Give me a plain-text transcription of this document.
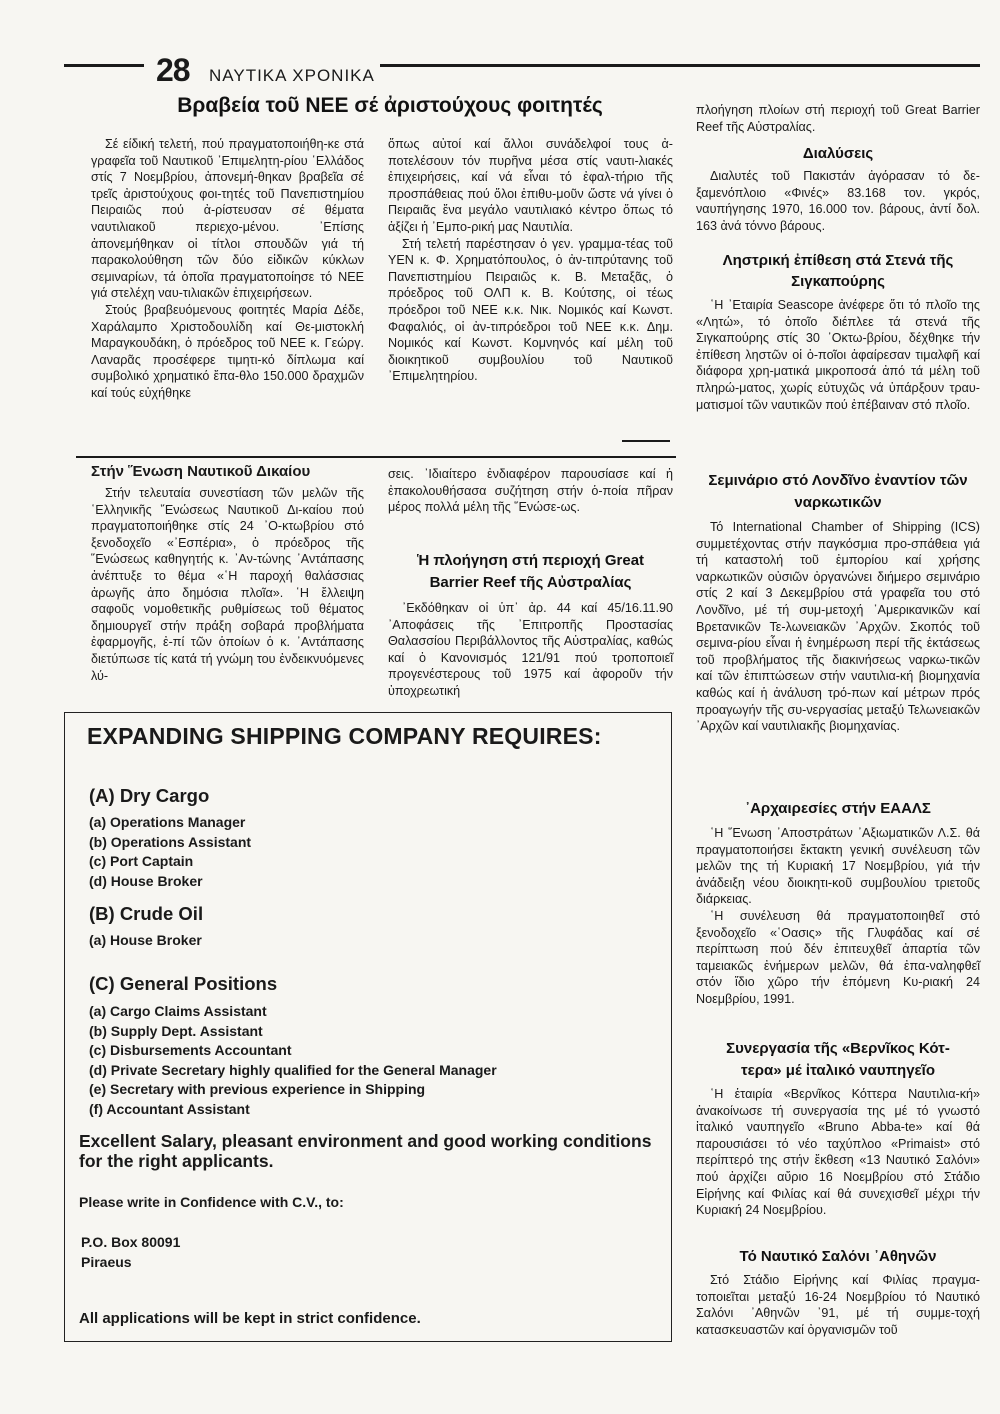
28 ΝΑΥΤΙΚΑ ΧΡΟΝΙΚΑ
Βραβεία τοῦ ΝΕΕ σέ ἀριστούχους φοιτητές

Σέ είδική τελετή, πού πραγματοποιήθη-κε στά γραφεῖα τοῦ Ναυτικοῦ ᾽Επιμελητη-ρίου ῾Ελλάδος στίς 7 Νοεμβρίου, ἀπονεμή-θηκαν βραβεῖα σέ τρεῖς ἀριστούχους φοι-τητές τοῦ Πανεπιστημίου Πειραιῶς πού ἀ-ρίστευσαν σέ θέματα ναυτιλιακοῦ περιεχο-μένου. ᾽Επίσης ἀπονεμήθηκαν οἱ τίτλοι σπουδῶν γιά τή παρακολούθηση τῶν δύο εἰδικῶν κύκλων σεμιναρίων, τά ὁποῖα πραγματοποίησε τό ΝΕΕ γιά στελέχη ναυ-τιλιακῶν ἐπιχειρήσεων.

Στούς βραβευόμενους φοιτητές Μαρία Δέδε, Χαράλαμπο Χριστοδουλίδη καί Θε-μιστοκλή Μαραγκουδάκη, ὁ πρόεδρος τοῦ ΝΕΕ κ. Γεώργ. Λαναρᾶς προσέφερε τιμητι-κό δίπλωμα καί συμβολικό χρηματικό ἔπα-θλο 150.000 δραχμῶν καί τούς εὐχήθηκε

ὅπως αὐτοί καί ἄλλοι συνάδελφοί τους ἀ-ποτελέσουν τόν πυρῆνα μέσα στίς ναυτι-λιακές ἐπιχειρήσεις, καί νά εἶναι τό ἐφαλ-τήριο τῆς προσπάθειας πού ὅλοι ἐπιθυ-μοῦν ὥστε νά γίνει ὁ Πειραιᾶς ἕνα μεγάλο ναυτιλιακό κέντρο ὅπως τό ἀξίζει ἡ ᾽Εμπο-ρική μας Ναυτιλία.

Στή τελετή παρέστησαν ὁ γεν. γραμμα-τέας τοῦ ΥΕΝ κ. Φ. Χρηματόπουλος, ὁ ἀν-τιπρύτανης τοῦ Πανεπιστημίου Πειραιῶς κ. Β. Μεταξᾶς, ὁ πρόεδρος τοῦ ΟΛΠ κ. Β. Κούτσης, οἱ τέως πρόεδροι τοῦ ΝΕΕ κ.κ. Νικ. Νομικός καί Κωνστ. Φαφαλιός, οἱ ἀν-τιπρόεδροι τοῦ ΝΕΕ κ.κ. Δημ. Νομικός καί Κωνστ. Κομνηνός καί μέλη τοῦ διοικητικοῦ συμβουλίου τοῦ Ναυτικοῦ ᾽Επιμελητηρίου.

Στήν Ἕνωση Ναυτικοῦ Δικαίου

Στήν τελευταία συνεστίαση τῶν μελῶν τῆς ῾Ελληνικῆς ῞Ενώσεως Ναυτικοῦ Δι-καίου πού πραγματοποιήθηκε στίς 24 ᾽Ο-κτωβρίου στό ξενοδοχεῖο «᾽Εσπέρια», ὁ πρόεδρος τῆς ῞Ενώσεως καθηγητής κ. ᾽Αν-τώνης ᾽Αντάπασης ἀνέπτυξε το θέμα «῾Η παροχή θαλάσσιας ἀρωγῆς ἀπο δημόσια πλοῖα». ῾Η ἔλλειψη σαφοῦς νομοθετικῆς ρυθμίσεως τοῦ θέματος δημιουργεῖ στήν πράξη σοβαρά προβλήματα ἐφαρμογῆς, ἐ-πί τῶν ὁποίων ὁ κ. ᾽Αντάπασης διετύπωσε τίς κατά τή γνώμη του ἐνδεικνυόμενες λύ-

σεις. ᾽Ιδιαίτερο ἐνδιαφέρον παρουσίασε καί ἡ ἐπακολουθήσασα συζήτηση στήν ὁ-ποία πῆραν μέρος πολλά μέλη τῆς ῞Ενώσε-ως.

Ἡ πλοήγηση στή περιοχή Great
Barrier Reef τῆς Αὐστραλίας

᾽Εκδόθηκαν οἱ ὑπ᾽ ἀρ. 44 καί 45/16.11.90 ᾽Αποφάσεις τῆς ᾽Επιτροπῆς Προστασίας Θαλασσίου Περιβάλλοντος τῆς Αὐστραλίας, καθώς καί ὁ Κανονισμός 121/91 πού τροποποιεῖ προγενέστερους τοῦ 1975 καί ἀφοροῦν τήν ὑποχρεωτική

πλοήγηση πλοίων στή περιοχή τοῦ Great Barrier Reef τῆς Αὐστραλίας.

Διαλύσεις

Διαλυτές τοῦ Πακιστάν ἀγόρασαν τό δε-ξαμενόπλοιο «Φινές» 83.168 τον. γκρός, ναυπήγησης 1970, 16.000 τον. βάρους, ἀντί δολ. 163 ἀνά τόννο βάρους.

Ληστρική ἐπίθεση στά Στενά τῆς Σιγκαπούρης

῾Η ᾽Εταιρία Seascope ἀνέφερε ὅτι τό πλοῖο της «Λητώ», τό ὁποῖο διέπλεε τά στενά τῆς Σιγκαπούρης στίς 30 ᾽Οκτω-βρίου, δέχθηκε τήν ἐπίθεση ληστῶν οἱ ὁ-ποῖοι ἀφαίρεσαν τιμαλφῆ καί διάφορα χρη-ματικά μικροποσά ἀπό τά μέλη τοῦ πληρώ-ματος, χωρίς εὐτυχῶς νά ὑπάρξουν τραυ-ματισμοί τῶν ναυτικῶν πού ἐπέβαιναν στό πλοῖο.

Σεμινάριο στό Λονδῖνο ἐναντίον τῶν ναρκωτικῶν

Τό International Chamber of Shipping (ICS) συμμετέχοντας στήν παγκόσμια προ-σπάθεια γιά τή καταστολή τοῦ ἐμπορίου καί χρήσης ναρκωτικῶν οὐσιῶν ὀργανώνει διήμερο σεμινάριο στίς 2 καί 3 Δεκεμβρίου στά γραφεῖα του στό Λονδῖνο, μέ τή συμ-μετοχή ᾽Αμερικανικῶν καί Βρετανικῶν Τε-λωνειακῶν ᾽Αρχῶν. Σκοπός τοῦ σεμινα-ρίου εἶναι ἡ ἐνημέρωση περί τῆς ἐκτάσεως τοῦ προβλήματος τῆς διακινήσεως ναρκω-τικῶν καί τῶν ἐπιπτώσεων στήν ναυτιλια-κή βιομηχανία καθώς καί ἡ ἀνάλυση τρό-πων καί μέτρων πρός προαγωγήν τῆς συ-νεργασίας μεταξύ Τελωνειακῶν ᾽Αρχῶν καί ναυτιλιακῆς βιομηχανίας.

᾽Αρχαιρεσίες στήν ΕΑΑΛΣ

῾Η ῞Ενωση ᾽Αποστράτων ᾽Αξιωματικῶν Λ.Σ. θά πραγματοποιήσει ἔκτακτη γενική συνέλευση τῶν μελῶν της τή Κυριακή 17 Νοεμβρίου, γιά τήν ἀνάδειξη νέου διοικητι-κοῦ συμβουλίου τριετοῦς διάρκειας.

῾Η συνέλευση θά πραγματοποιηθεῖ στό ξενοδοχεῖο «῾Οασις» τῆς Γλυφάδας καί σέ περίπτωση πού δέν ἐπιτευχθεῖ ἀπαρτία τῶν ταμειακῶς ἐνήμερων μελῶν, θά ἐπα-ναληφθεῖ στόν ἴδιο χῶρο τήν ἑπόμενη Κυ-ριακή 24 Νοεμβρίου, 1991.

Συνεργασία τῆς «Βερνῖκος Κότ-
τερα» μέ ἰταλικό ναυπηγεῖο

῾Η ἑταιρία «Βερνῖκος Κόττερα Ναυτιλια-κή» ἀνακοίνωσε τή συνεργασία της μέ τό γνωστό ἰταλικό ναυπηγεῖο «Bruno Abba-te» καί θά παρουσιάσει τό νέο ταχύπλοο «Primaist» στό περίπτερό της στήν ἔκθεση «13 Ναυτικό Σαλόνι» πού ἀρχίζει αὔριο 16 Νοεμβρίου στό Στάδιο Εἰρήνης καί Φιλίας καί θά συνεχισθεῖ μέχρι τήν Κυριακή 24 Νοεμβρίου.

Τό Ναυτικό Σαλόνι ᾽Αθηνῶν

Στό Στάδιο Εἰρήνης καί Φιλίας πραγμα-τοποιεῖται μεταξύ 16-24 Νοεμβρίου τό Ναυτικό Σαλόνι ᾽Αθηνῶν ᾽91, μέ τή συμμε-τοχή κατασκευαστῶν καί ὀργανισμῶν τοῦ

EXPANDING SHIPPING COMPANY REQUIRES:
(A) Dry Cargo
(a) Operations Manager
(b) Operations Assistant
(c) Port Captain
(d) House Broker
(B) Crude Oil
(a) House Broker
(C) General Positions
(a) Cargo Claims Assistant
(b) Supply Dept. Assistant
(c) Disbursements Accountant
(d) Private Secretary highly qualified for the General Manager
(e) Secretary with previous experience in Shipping
(f) Accountant Assistant
Excellent Salary, pleasant environment and good working conditions for the right applicants.
Please write in Confidence with C.V., to:
P.O. Box 80091
Piraeus
All applications will be kept in strict confidence.
